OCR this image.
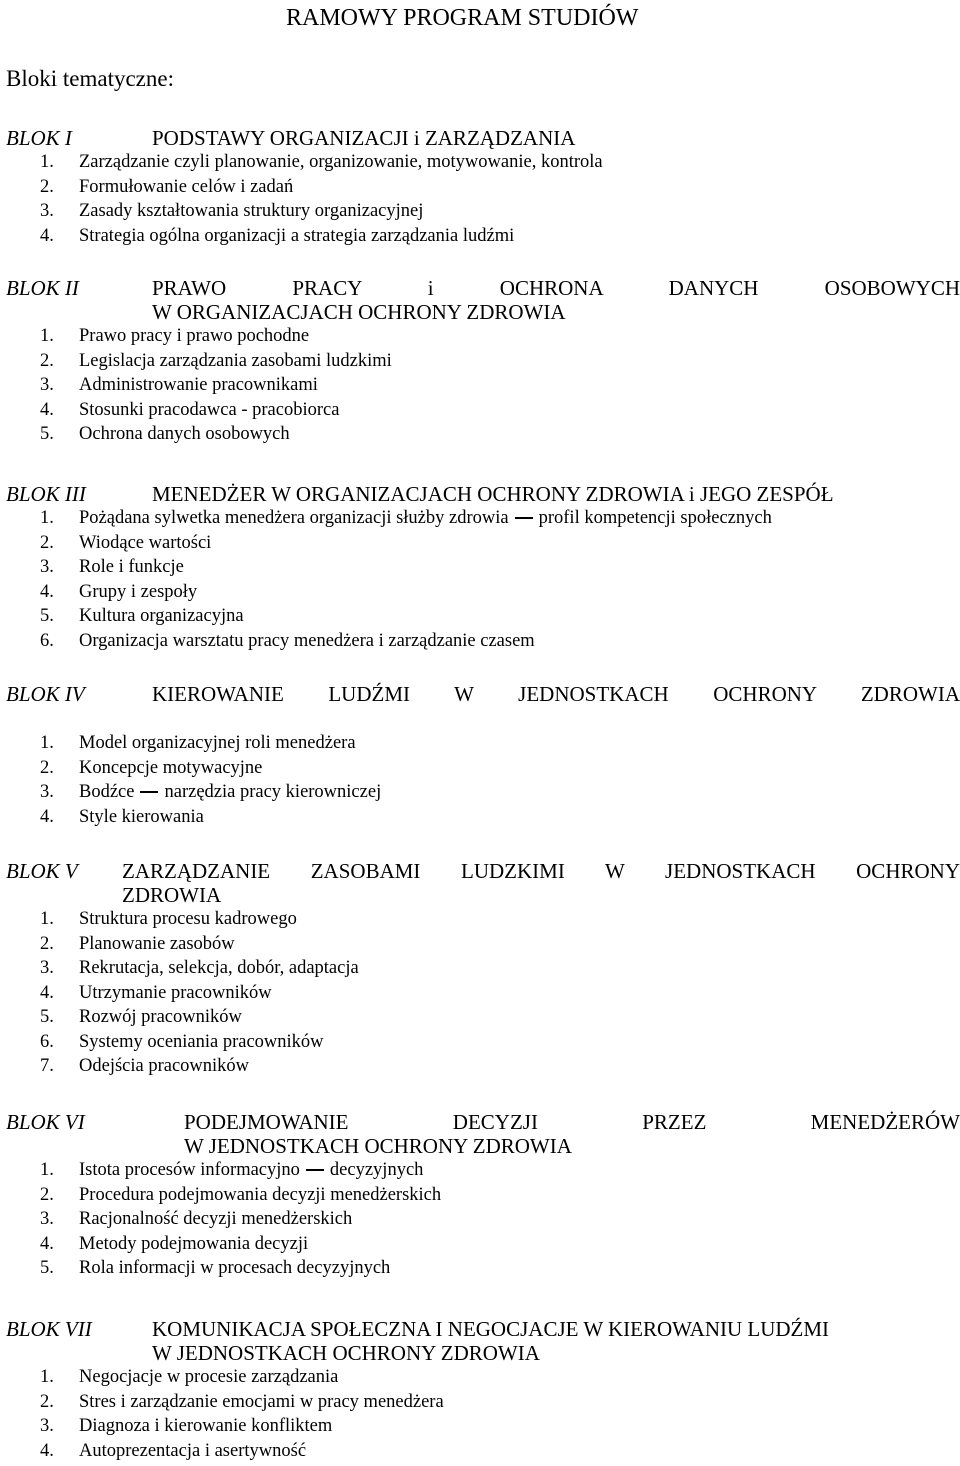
RAMOWY PROGRAM STUDIÓW
Bloki tematyczne:
BLOK I	PODSTAWY ORGANIZACJI i ZARZĄDZANIA
1. Zarządzanie czyli planowanie, organizowanie, motywowanie, kontrola
2. Formułowanie celów i zadań
3. Zasady kształtowania struktury organizacyjnej
4. Strategia ogólna organizacji a strategia zarządzania ludźmi
BLOK II	PRAWO PRACY i OCHRONA DANYCH OSOBOWYCH
W ORGANIZACJACH OCHRONY ZDROWIA
1. Prawo pracy i prawo pochodne
2. Legislacja zarządzania zasobami ludzkimi
3. Administrowanie pracownikami
4. Stosunki pracodawca - pracobiorca
5. Ochrona danych osobowych
BLOK III	MENEDŻER W ORGANIZACJACH OCHRONY ZDROWIA i JEGO ZESPÓŁ
1. Pożądana sylwetka menedżera organizacji służby zdrowia profil kompetencji społecznych
2. Wiodące wartości
3. Role i funkcje
4. Grupy i zespoły
5. Kultura organizacyjna
6. Organizacja warsztatu pracy menedżera i zarządzanie czasem
BLOK IV	KIEROWANIE LUDŹMI W JEDNOSTKACH OCHRONY ZDROWIA
1. Model organizacyjnej roli menedżera
2. Koncepcje motywacyjne
3. Bodźce narzędzia pracy kierowniczej
4. Style kierowania
BLOK V ZARZĄDZANIE ZASOBAMI LUDZKIMI W JEDNOSTKACH OCHRONY
ZDROWIA
1. Struktura procesu kadrowego
2. Planowanie zasobów
3. Rekrutacja, selekcja, dobór, adaptacja
4. Utrzymanie pracowników
5. Rozwój pracowników
6. Systemy oceniania pracowników
7. Odejścia pracowników
BLOK VI	PODEJMOWANIE DECYZJI PRZEZ MENEDŻERÓW
W JEDNOSTKACH OCHRONY ZDROWIA
1. Istota procesów informacyjno decyzyjnych
2. Procedura podejmowania decyzji menedżerskich
3. Racjonalność decyzji menedżerskich
4. Metody podejmowania decyzji
5. Rola informacji w procesach decyzyjnych
BLOK VII	KOMUNIKACJA SPOŁECZNA I NEGOCJACJE W KIEROWANIU LUDŹMI
W JEDNOSTKACH OCHRONY ZDROWIA
1. Negocjacje w procesie zarządzania
2. Stres i zarządzanie emocjami w pracy menedżera
3. Diagnoza i kierowanie konfliktem
4. Autoprezentacja i asertywność
